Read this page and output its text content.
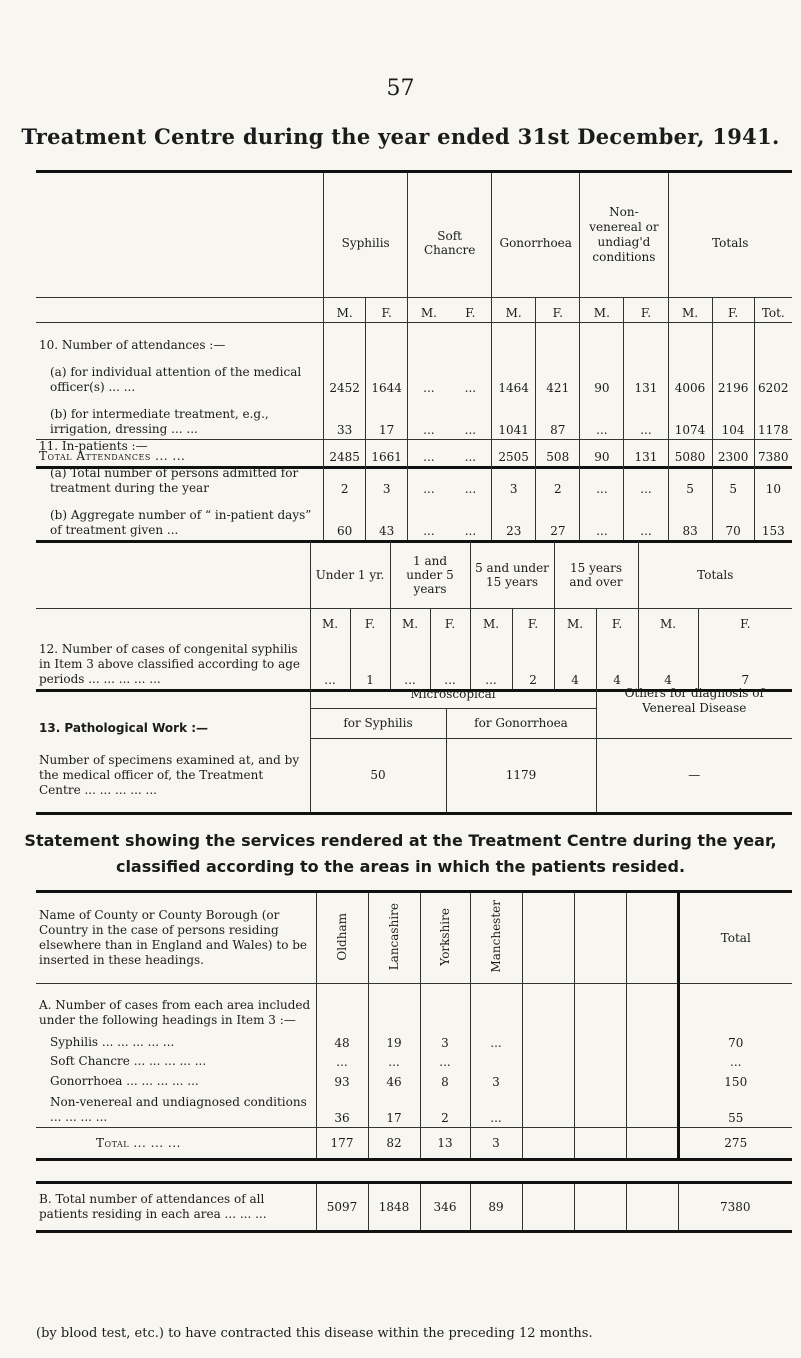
57
Treatment Centre during the year ended 31st December, 1941.
	Syphilis		Soft Chancre		Gonorrhoea		Non- venereal or undiag'd conditions		Totals		
	M.	F.	M.	F.	M.	F.	M.	F.	M.	F.	Tot.
10. Number of attendances :—											
(a) for individual attention of the medical officer(s) ... ...	2452	1644	...	...	1464	421	90	131	4006	2196	6202
(b) for intermediate treatment, e.g., irrigation, dressing ... ...	33	17	...	...	1041	87	...	...	1074	104	1178
Total Attendances ... ...	2485	1661	...	...	2505	508	90	131	5080	2300	7380
11. In-patients :—											
(a) Total number of persons admitted for treatment during the year	2	3	...	...	3	2	...	...	5	5	10
(b) Aggregate number of “ in-patient days” of treatment given ...	60	43	...	...	23	27	...	...	83	70	153
	Under 1 yr.		1 and under 5 years		5 and under 15 years		15 years and over		Totals	
	M.	F.	M.	F.	M.	F.	M.	F.	M.	F.
12. Number of cases of congenital syphilis in Item 3 above classified according to age periods ... ... ... ... ...	...	1	...	...	...	2	4	4	4	7
	Microscopical		Others for diagnosis of Venereal Disease
13. Pathological Work :—	for Syphilis	for Gonorrhoea	
Number of specimens examined at, and by the medical officer of, the Treatment Centre ... ... ... ... ...	50	1179	—
Statement showing the services rendered at the Treatment Centre during the year, classified according to the areas in which the patients resided.
Name of County or County Borough (or Country in the case of persons residing elsewhere than in England and Wales) to be inserted in these headings.	Oldham	Lancashire	Yorkshire	Manchester				Total
A. Number of cases from each area included under the following headings in Item 3 :—								
Syphilis ... ... ... ... ...	48	19	3	...				70
Soft Chancre ... ... ... ... ...	...	...	...					...
Gonorrhoea ... ... ... ... ...	93	46	8	3				150
Non-venereal and undiagnosed conditions ... ... ... ...	36	17	2	...				55
Total ... ... ...	177	82	13	3				275

B. Total number of attendances of all patients residing in each area ... ... ...	5097	1848	346	89				7380
(by blood test, etc.) to have contracted this disease within the preceding 12 months.
